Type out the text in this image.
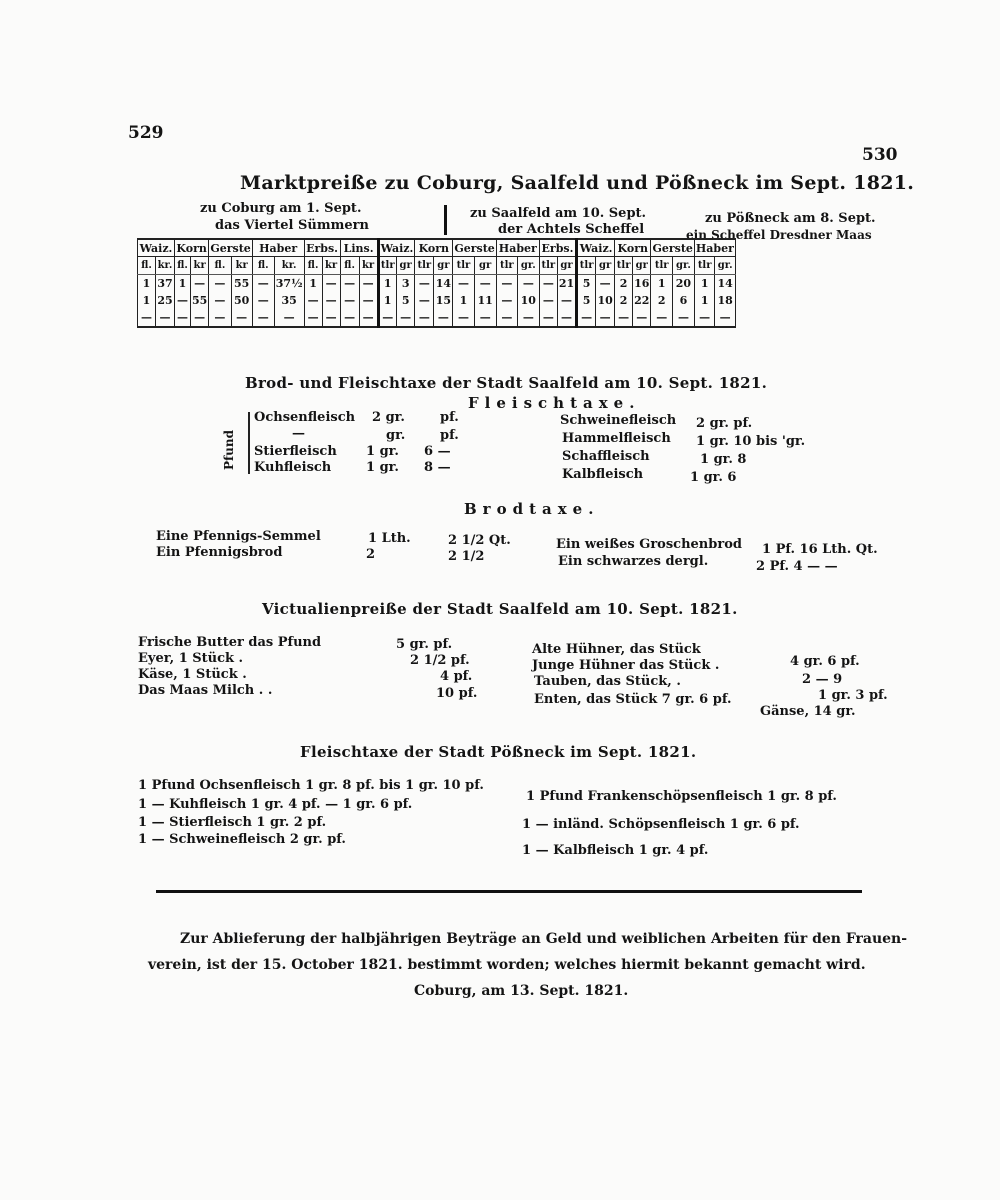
529
530
Marktpreiße zu Coburg, Saalfeld und Pößneck im Sept. 1821.
zu Coburg am 1. Sept.
das Viertel Sümmern
zu Saalfeld am 10. Sept.
der Achtels Scheffel
zu Pößneck am 8. Sept.
ein Scheffel Dresdner Maas
Waiz.		Korn		Gerste		Haber		Erbs.		Lins.		Waiz.		Korn		Gerste		Haber		Erbs.		Waiz.		Korn		Gerste		Haber	
fl.	kr.	fl.	kr	fl.	kr	fl.	kr.	fl.	kr	fl.	kr	tlr	gr	tlr	gr	tlr	gr	tlr	gr.	tlr	gr	tlr	gr	tlr	gr	tlr	gr.	tlr	gr.
1	37	1	—	—	55	—	37½	1	—	—	—	1	3	—	14	—	—	—	—	—	21	5	—	2	16	1	20	1	14
1	25	—	55	—	50	—	35	—	—	—	—	1	5	—	15	1	11	—	10	—	—	5	10	2	22	2	6	1	18
—	—	—	—	—	—	—	—	—	—	—	—	—	—	—	—	—	—	—	—	—	—	—	—	—	—	—	—	—	—
Brod- und Fleischtaxe der Stadt Saalfeld am 10. Sept. 1821.
Fleischtaxe.
Pfund
Ochsenfleisch 2 gr.	pf.
—	gr.	pf.
Stierfleisch 1 gr. 6 —
Kuhfleisch	1 gr. 8 —
Schweinefleisch 2 gr. pf.
Hammelfleisch 1 gr. 10 bis 'gr.
Schaffleisch	1 gr. 8
Kalbfleisch	1 gr. 6
Brodtaxe.
Eine Pfennigs-Semmel	1 Lth.	2 1/2 Qt.
Ein Pfennigsbrod	2	2 1/2
Ein weißes Groschenbrod 1 Pf. 16 Lth. Qt.
Ein schwarzes dergl.	2 Pf. 4 — —
Victualienpreiße der Stadt Saalfeld am 10. Sept. 1821.
Frische Butter das Pfund	5 gr. pf.
Eyer, 1 Stück .	2 1/2 pf.
Käse, 1 Stück .	4 pf.
Das Maas Milch . .	10 pf.
Alte Hühner, das Stück
Junge Hühner das Stück .	4 gr. 6 pf.
Tauben, das Stück, .	2 — 9
1 gr. 3 pf.
Enten, das Stück 7 gr. 6 pf.
Gänse, 14 gr.
Fleischtaxe der Stadt Pößneck im Sept. 1821.
1 Pfund Ochsenfleisch 1 gr. 8 pf. bis 1 gr. 10 pf.
1 — Kuhfleisch 1 gr. 4 pf. — 1 gr. 6 pf.
1 — Stierfleisch 1 gr. 2 pf.
1 — Schweinefleisch 2 gr. pf.
1 Pfund Frankenschöpsenfleisch 1 gr. 8 pf.
1 — inländ. Schöpsenfleisch 1 gr. 6 pf.
1 — Kalbfleisch 1 gr. 4 pf.
Zur Ablieferung der halbjährigen Beyträge an Geld und weiblichen Arbeiten für den Frauen-
verein, ist der 15. October 1821. bestimmt worden; welches hiermit bekannt gemacht wird.
Coburg, am 13. Sept. 1821.
